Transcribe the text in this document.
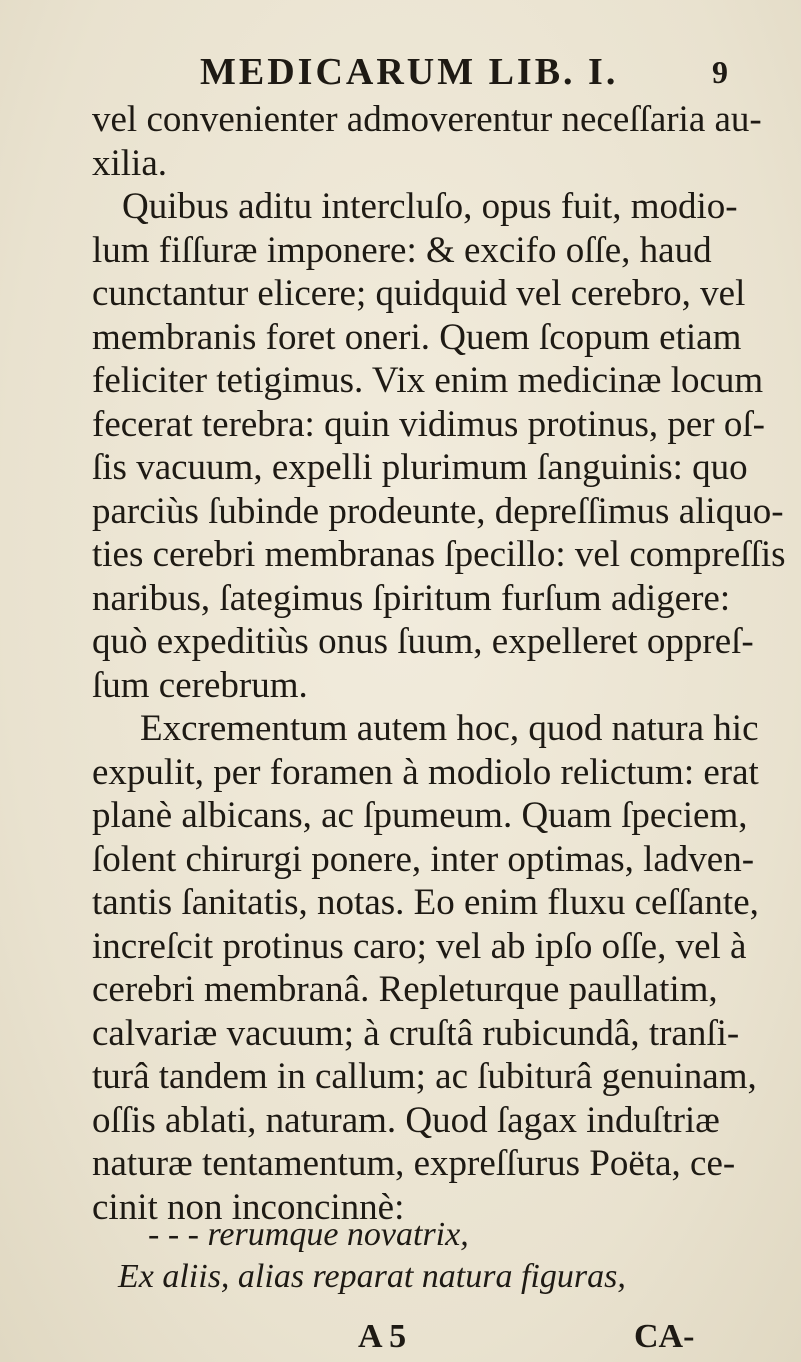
MEDICARUM LIB. I.	9
vel convenienter admoverentur neceſſaria au-
xilia.
Quibus aditu intercluſo, opus fuit, modio-
lum fiſſuræ imponere: & excifo oſſe, haud
cunctantur elicere; quidquid vel cerebro, vel
membranis foret oneri. Quem ſcopum etiam
feliciter tetigimus. Vix enim medicinæ locum
fecerat terebra: quin vidimus protinus, per oſ-
ſis vacuum, expelli plurimum ſanguinis: quo
parciùs ſubinde prodeunte, depreſſimus aliquo-
ties cerebri membranas ſpecillo: vel compreſſis
naribus, ſategimus ſpiritum furſum adigere:
quò expeditiùs onus ſuum, expelleret oppreſ-
ſum cerebrum.
Excrementum autem hoc, quod natura hic
expulit, per foramen à modiolo relictum: erat
planè albicans, ac ſpumeum. Quam ſpeciem,
ſolent chirurgi ponere, inter optimas, ladven-
tantis ſanitatis, notas. Eo enim fluxu ceſſante,
increſcit protinus caro; vel ab ipſo oſſe, vel à
cerebri membranâ. Repleturque paullatim,
calvariæ vacuum; à cruſtâ rubicundâ, tranſi-
turâ tandem in callum; ac ſubiturâ genuinam,
oſſis ablati, naturam. Quod ſagax induſtriæ
naturæ tentamentum, expreſſurus Poëta, ce-
cinit non inconcinnè:
- - - rerumque novatrix,
Ex aliis, alias reparat natura figuras,
A 5	CA-
